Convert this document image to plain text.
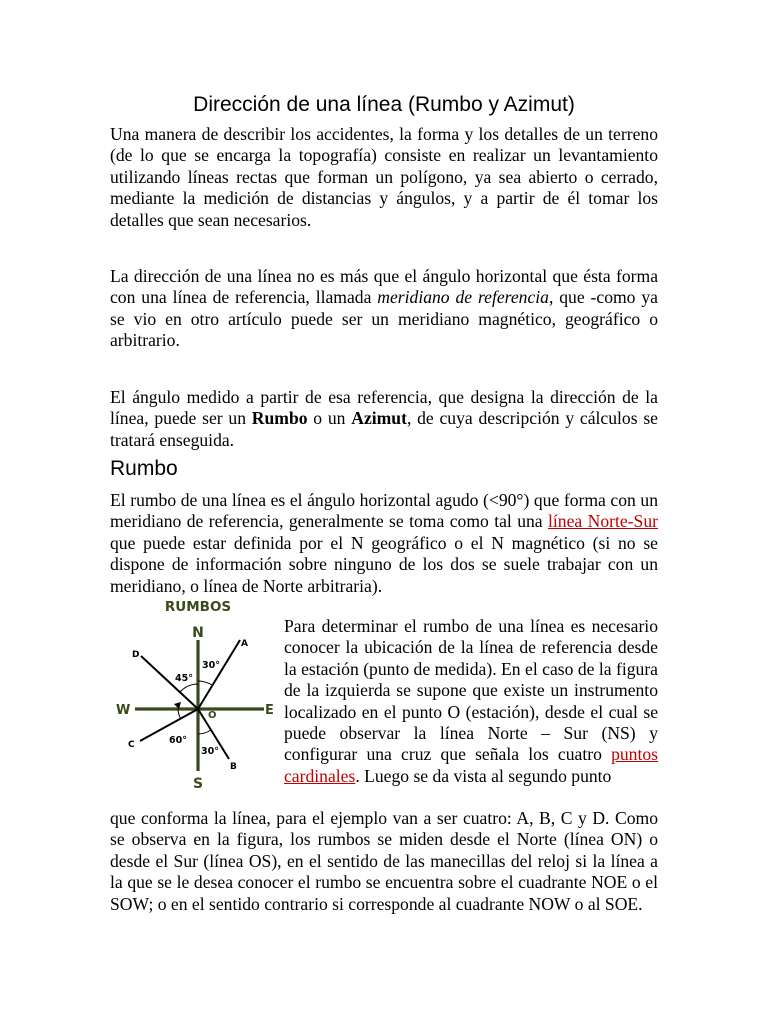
Dirección de una línea (Rumbo y Azimut)

Una manera de describir los accidentes, la forma y los detalles de un terreno (de lo que se encarga la topografía) consiste en realizar un levantamiento utilizando líneas rectas que forman un polígono, ya sea abierto o cerrado, mediante la medición de distancias y ángulos, y a partir de él tomar los detalles que sean necesarios.

La dirección de una línea no es más que el ángulo horizontal que ésta forma con una línea de referencia, llamada meridiano de referencia, que -como ya se vio en otro artículo puede ser un meridiano magnético, geográfico o arbitrario.

El ángulo medido a partir de esa referencia, que designa la dirección de la línea, puede ser un Rumbo o un Azimut, de cuya descripción y cálculos se tratará enseguida.

Rumbo

El rumbo de una línea es el ángulo horizontal agudo (<90°) que forma con un meridiano de referencia, generalmente se toma como tal una línea Norte-Sur que puede estar definida por el N geográfico o el N magnético (si no se dispone de información sobre ninguno de los dos se suele trabajar con un meridiano, o línea de Norte arbitraria).

RUMBOS
N
S
W	E
O
A
B
C
D
30°
45°
60°
30°

Para determinar el rumbo de una línea es necesario conocer la ubicación de la línea de referencia desde la estación (punto de medida). En el caso de la figura de la izquierda se supone que existe un instrumento localizado en el punto O (estación), desde el cual se puede observar la línea Norte – Sur (NS) y configurar una cruz que señala los cuatro puntos cardinales. Luego se da vista al segundo punto

que conforma la línea, para el ejemplo van a ser cuatro: A, B, C y D. Como se observa en la figura, los rumbos se miden desde el Norte (línea ON) o desde el Sur (línea OS), en el sentido de las manecillas del reloj si la línea a la que se le desea conocer el rumbo se encuentra sobre el cuadrante NOE o el SOW; o en el sentido contrario si corresponde al cuadrante NOW o al SOE.
